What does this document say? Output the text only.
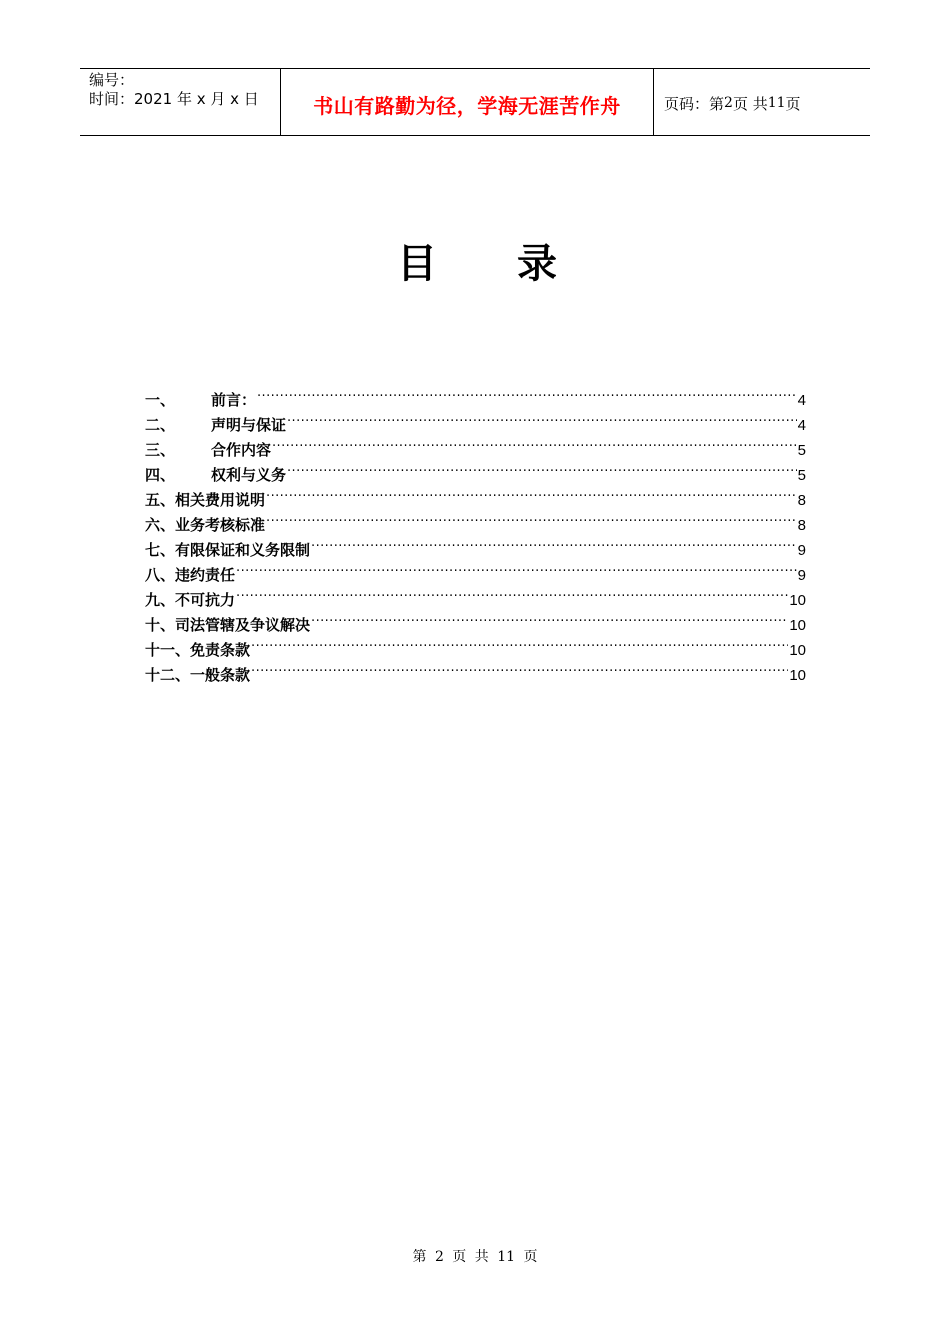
编号：
时间：2021 年 x 月 x 日	书山有路勤为径，学海无涯苦作舟	页码：第 2 页 共 11 页
目 录
一、	前言： .....	4
二、	声明与保证 .....	4
三、	合作内容 .....	5
四、	权利与义务 .....	5
五、 相关费用说明 .....	8
六、 业务考核标准 .....	8
七、 有限保证和义务限制 .....	9
八、 违约责任 .....	9
九、 不可抗力 .....	10
十、 司法管辖及争议解决 .....	10
十一、 免责条款 .....	10
十二、 一般条款 .....	10
第 2 页 共 11 页
